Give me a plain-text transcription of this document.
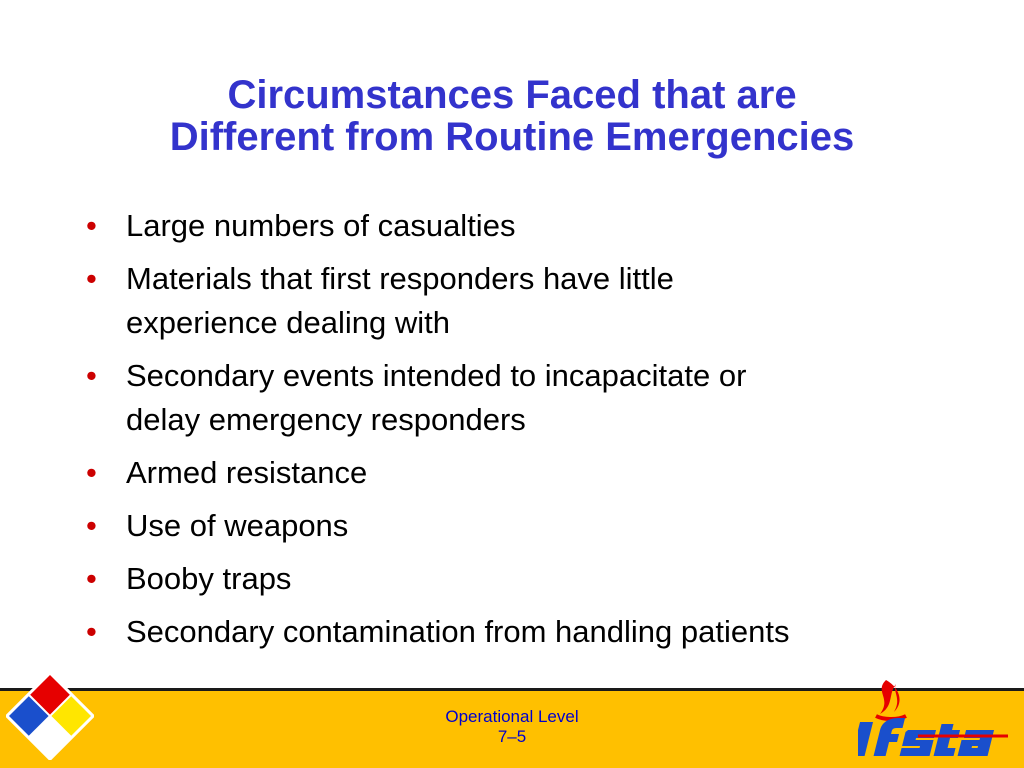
Circumstances Faced that are
Different from Routine Emergencies
• Large numbers of casualties
• Materials that first responders have little
experience dealing with
• Secondary events intended to incapacitate or
delay emergency responders
• Armed resistance
• Use of weapons
• Booby traps
• Secondary contamination from handling patients
Operational Level
7–5
